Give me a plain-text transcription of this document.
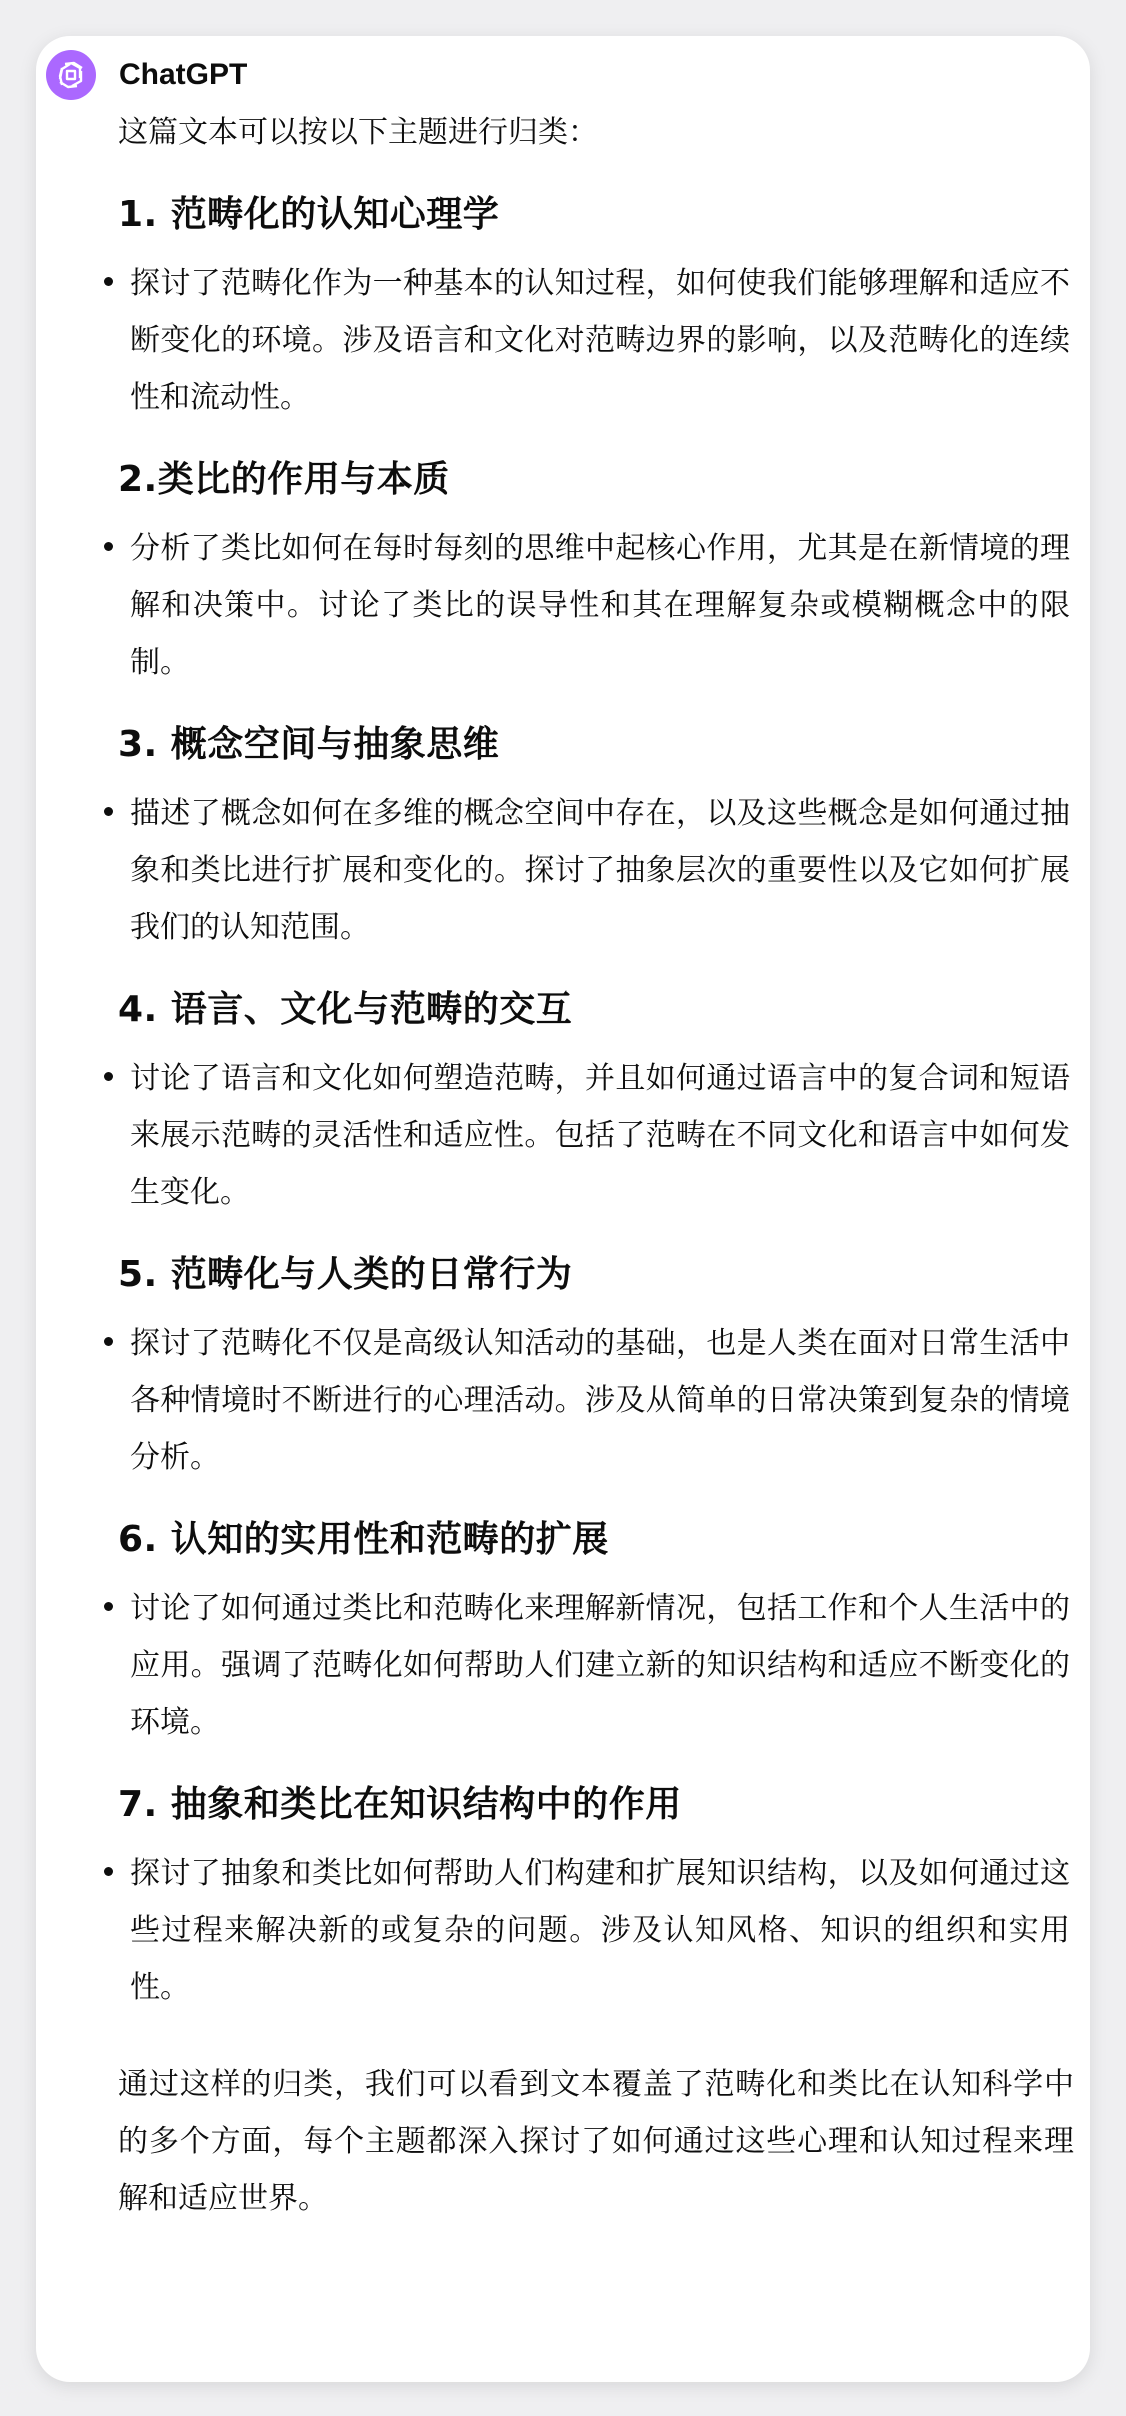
ChatGPT

这篇文本可以按以下主题进行归类：

1. 范畴化的认知心理学

探讨了范畴化作为一种基本的认知过程，如何使我们能够理解和适应不断变化的环境。涉及语言和文化对范畴边界的影响，以及范畴化的连续性和流动性。

2.类比的作用与本质

分析了类比如何在每时每刻的思维中起核心作用，尤其是在新情境的理解和决策中。讨论了类比的误导性和其在理解复杂或模糊概念中的限制。

3. 概念空间与抽象思维

描述了概念如何在多维的概念空间中存在，以及这些概念是如何通过抽象和类比进行扩展和变化的。探讨了抽象层次的重要性以及它如何扩展我们的认知范围。

4. 语言、文化与范畴的交互

讨论了语言和文化如何塑造范畴，并且如何通过语言中的复合词和短语来展示范畴的灵活性和适应性。包括了范畴在不同文化和语言中如何发生变化。

5. 范畴化与人类的日常行为

探讨了范畴化不仅是高级认知活动的基础，也是人类在面对日常生活中各种情境时不断进行的心理活动。涉及从简单的日常决策到复杂的情境分析。

6. 认知的实用性和范畴的扩展

讨论了如何通过类比和范畴化来理解新情况，包括工作和个人生活中的应用。强调了范畴化如何帮助人们建立新的知识结构和适应不断变化的环境。

7. 抽象和类比在知识结构中的作用

探讨了抽象和类比如何帮助人们构建和扩展知识结构，以及如何通过这些过程来解决新的或复杂的问题。涉及认知风格、知识的组织和实用性。

通过这样的归类，我们可以看到文本覆盖了范畴化和类比在认知科学中的多个方面，每个主题都深入探讨了如何通过这些心理和认知过程来理解和适应世界。
